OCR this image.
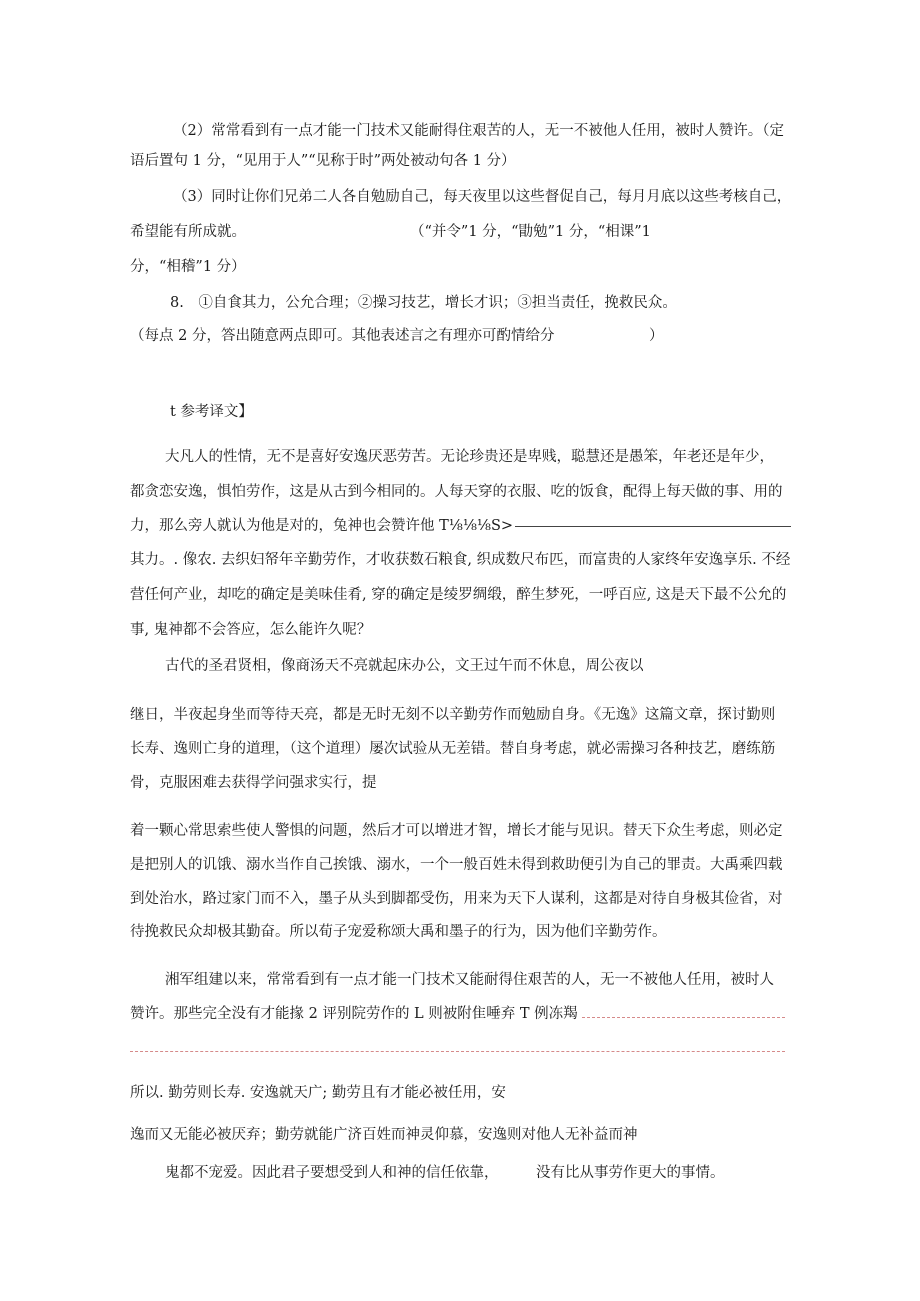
（2）常常看到有一点才能一门技术又能耐得住艰苦的人，无一不被他人任用，被时人赞许。（定
语后置句 1 分，“见用于人”“见称于时”两处被动句各 1 分）
（3）同时让你们兄弟二人各自勉励自己，每天夜里以这些督促自己，每月月底以这些考核自己，
希望能有所成就。	（“并令”1 分，“勖勉”1 分，“相课”1
分，“相稽”1 分）
8.　①自食其力，公允合理；②操习技艺，增长才识；③担当责任，挽救民众。
（每点 2 分，答出随意两点即可。其他表述言之有理亦可酌情给分	）
t 参考译文】
大凡人的性情，无不是喜好安逸厌恶劳苦。无论珍贵还是卑贱，聪慧还是愚笨，年老还是年少，
都贪恋安逸，惧怕劳作，这是从古到今相同的。人每天穿的衣服、吃的饭食，配得上每天做的事、用的
力，那么旁人就认为他是对的，兔神也会赞许他 T⅛⅛⅛S>
其力。. 像农. 去织妇帑年辛勤劳作，才收获数石粮食, 织成数尺布匹，而富贵的人家终年安逸享乐. 不经
营任何产业，却吃的确定是美味佳肴, 穿的确定是绫罗绸缎，醉生梦死，一呼百应, 这是天下最不公允的
事, 鬼神都不会答应，怎么能许久呢？
古代的圣君贤相，像商汤天不亮就起床办公，文王过午而不休息，周公夜以
继日，半夜起身坐而等待天亮，都是无时无刻不以辛勤劳作而勉励自身。《无逸》这篇文章，探讨勤则
长寿、逸则亡身的道理，（这个道理）屡次试验从无差错。替自身考虑，就必需操习各种技艺，磨练筋
骨，克服困难去获得学问强求实行，提
着一颗心常思索些使人警惧的问题，然后才可以增进才智，增长才能与见识。替天下众生考虑，则必定
是把别人的讥饿、溺水当作自己挨饿、溺水，一个一般百姓未得到救助便引为自己的罪责。大禹乘四载
到处治水，路过家门而不入，墨子从头到脚都受伤，用来为天下人谋利，这都是对待自身极其俭省，对
待挽救民众却极其勤奋。所以荀子宠爱称颂大禹和墨子的行为，因为他们辛勤劳作。
湘军组建以来，常常看到有一点才能一门技术又能耐得住艰苦的人，无一不被他人任用，被时人
赞许。那些完全没有才能掾 2 评别院劳作的 L 则被附隹唾弃 T 例冻羯
所以. 勤劳则长寿. 安逸就天广; 勤劳且有才能必被任用，安
逸而又无能必被厌弃；勤劳就能广济百姓而神灵仰慕，安逸则对他人无补益而神
鬼都不宠爱。因此君子要想受到人和神的信任依靠，	没有比从事劳作更大的事情。
